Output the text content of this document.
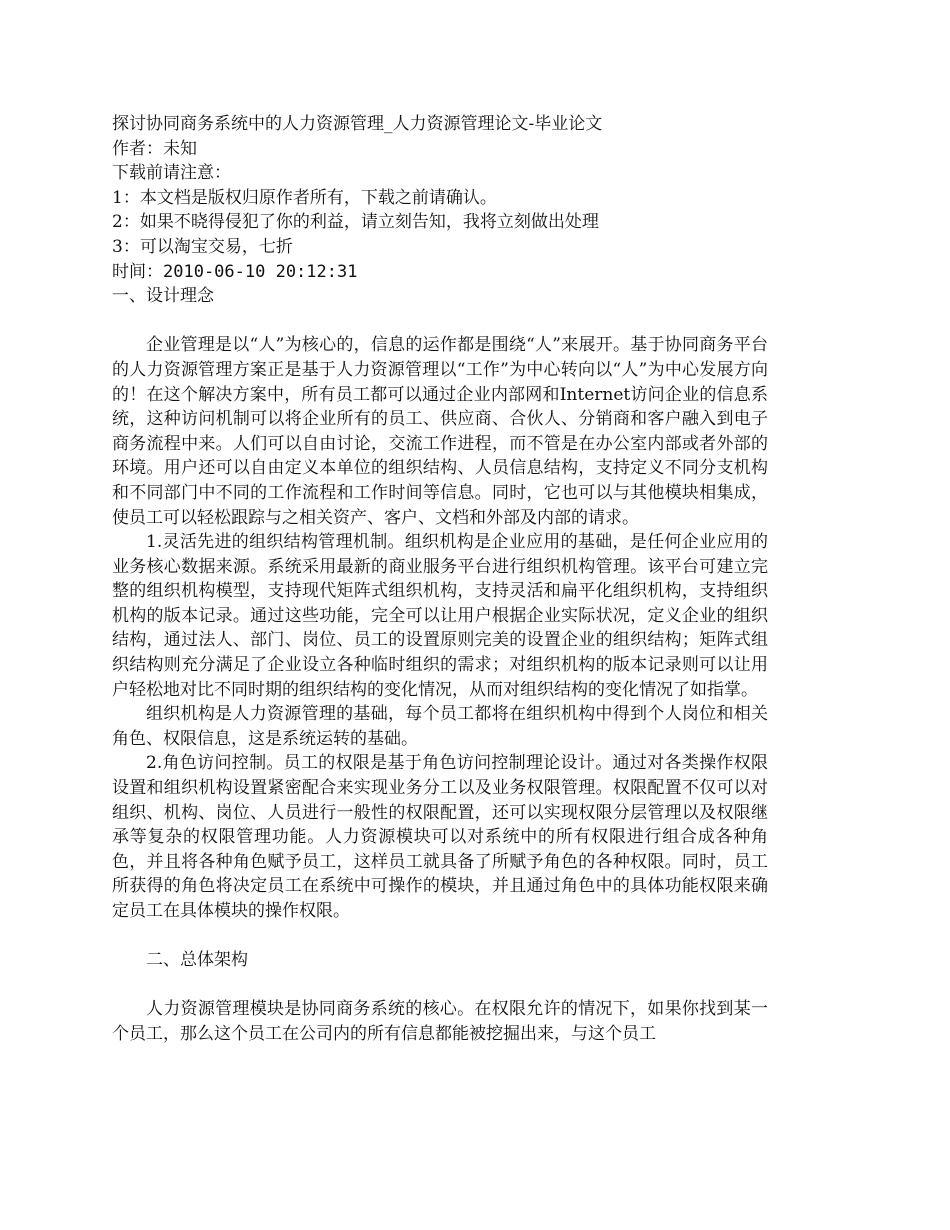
探讨协同商务系统中的人力资源管理_人力资源管理论文-毕业论文
作者：未知
下载前请注意：
1：本文档是版权归原作者所有，下载之前请确认。
2：如果不晓得侵犯了你的利益，请立刻告知，我将立刻做出处理
3：可以淘宝交易，七折
时间：2010-06-10 20:12:31
一、设计理念

企业管理是以“人”为核心的，信息的运作都是围绕“人”来展开。基于协同商务平台的人力资源管理方案正是基于人力资源管理以“工作”为中心转向以“人”为中心发展方向的！在这个解决方案中，所有员工都可以通过企业内部网和Internet访问企业的信息系统，这种访问机制可以将企业所有的员工、供应商、合伙人、分销商和客户融入到电子商务流程中来。人们可以自由讨论，交流工作进程，而不管是在办公室内部或者外部的环境。用户还可以自由定义本单位的组织结构、人员信息结构，支持定义不同分支机构和不同部门中不同的工作流程和工作时间等信息。同时，它也可以与其他模块相集成，使员工可以轻松跟踪与之相关资产、客户、文档和外部及内部的请求。

1.灵活先进的组织结构管理机制。组织机构是企业应用的基础，是任何企业应用的业务核心数据来源。系统采用最新的商业服务平台进行组织机构管理。该平台可建立完整的组织机构模型，支持现代矩阵式组织机构，支持灵活和扁平化组织机构，支持组织机构的版本记录。通过这些功能，完全可以让用户根据企业实际状况，定义企业的组织结构，通过法人、部门、岗位、员工的设置原则完美的设置企业的组织结构；矩阵式组织结构则充分满足了企业设立各种临时组织的需求；对组织机构的版本记录则可以让用户轻松地对比不同时期的组织结构的变化情况，从而对组织结构的变化情况了如指掌。

组织机构是人力资源管理的基础，每个员工都将在组织机构中得到个人岗位和相关角色、权限信息，这是系统运转的基础。

2.角色访问控制。员工的权限是基于角色访问控制理论设计。通过对各类操作权限设置和组织机构设置紧密配合来实现业务分工以及业务权限管理。权限配置不仅可以对组织、机构、岗位、人员进行一般性的权限配置，还可以实现权限分层管理以及权限继承等复杂的权限管理功能。人力资源模块可以对系统中的所有权限进行组合成各种角色，并且将各种角色赋予员工，这样员工就具备了所赋予角色的各种权限。同时，员工所获得的角色将决定员工在系统中可操作的模块，并且通过角色中的具体功能权限来确定员工在具体模块的操作权限。

二、总体架构

人力资源管理模块是协同商务系统的核心。在权限允许的情况下，如果你找到某一个员工，那么这个员工在公司内的所有信息都能被挖掘出来，与这个员工
